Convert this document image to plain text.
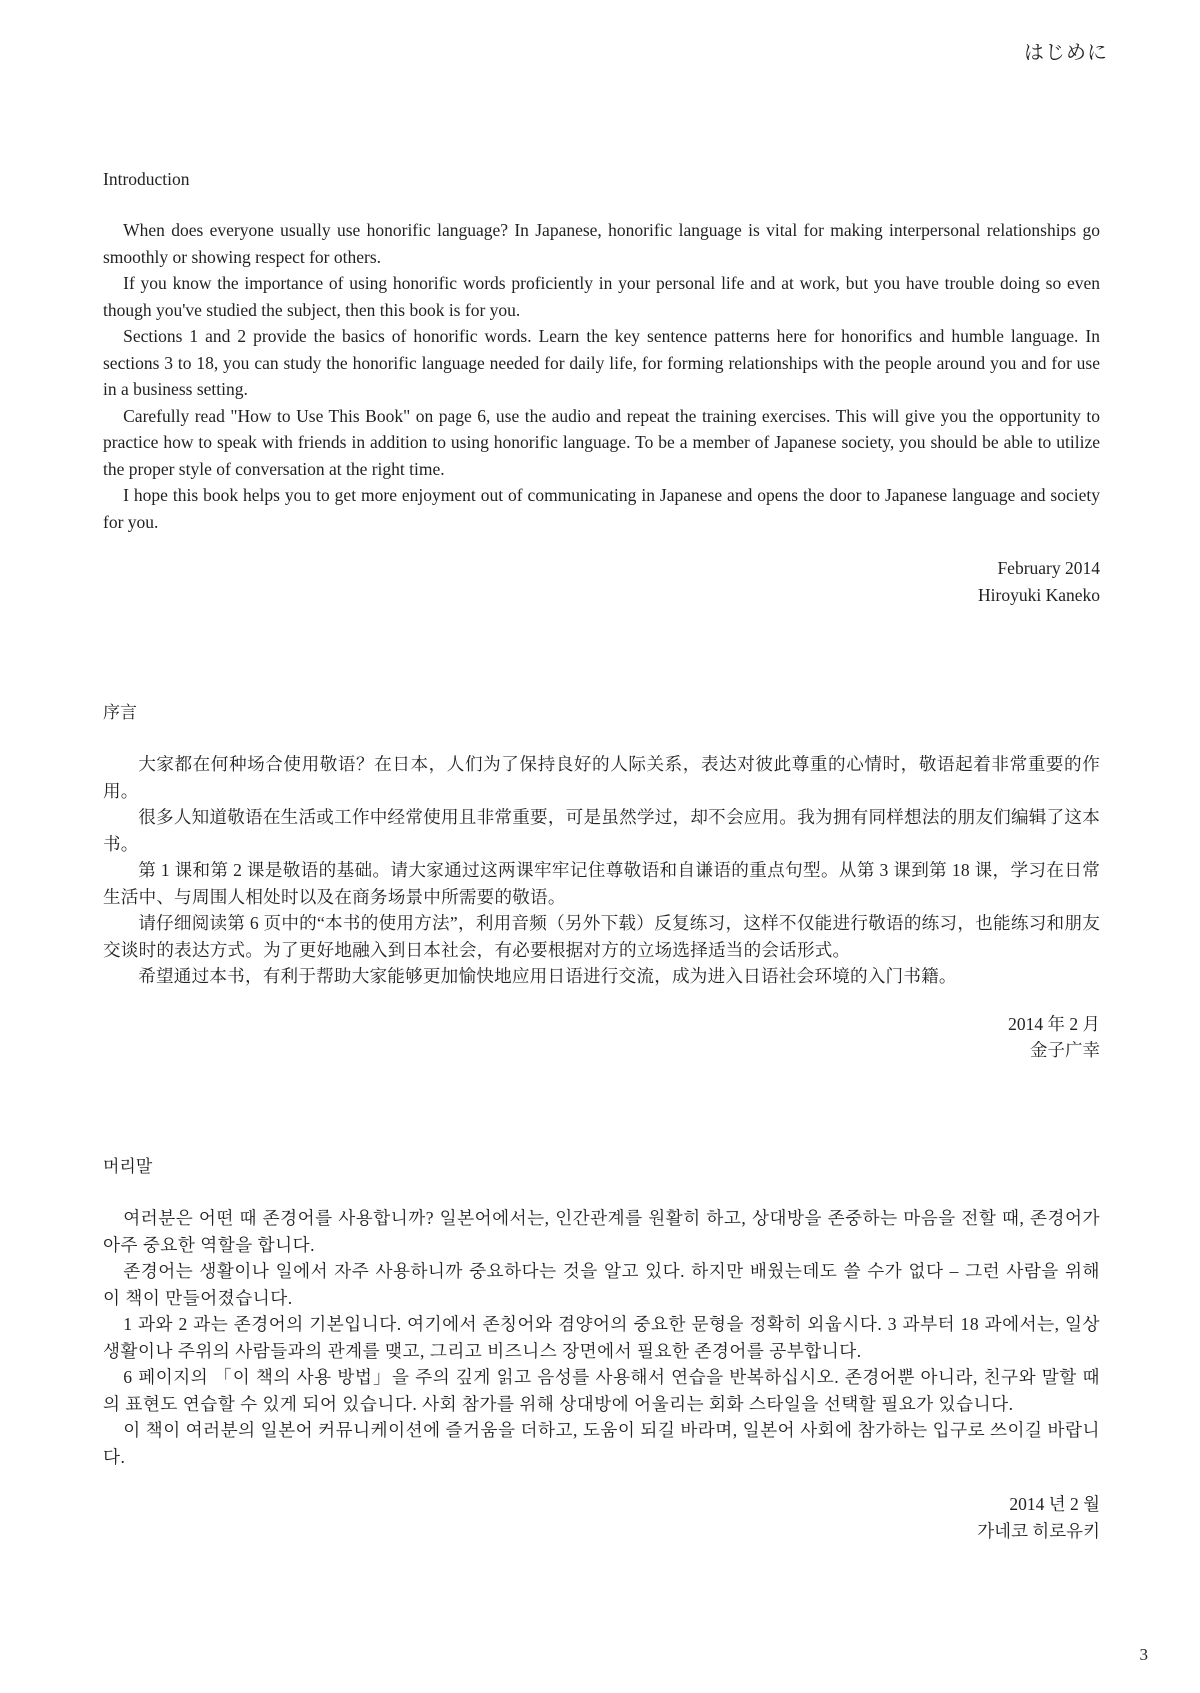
はじめに
Introduction

When does everyone usually use honorific language? In Japanese, honorific language is vital for making interpersonal relationships go smoothly or showing respect for others.

If you know the importance of using honorific words proficiently in your personal life and at work, but you have trouble doing so even though you've studied the subject, then this book is for you.

Sections 1 and 2 provide the basics of honorific words. Learn the key sentence patterns here for honorifics and humble language. In sections 3 to 18, you can study the honorific language needed for daily life, for forming relationships with the people around you and for use in a business setting.

Carefully read "How to Use This Book" on page 6, use the audio and repeat the training exercises. This will give you the opportunity to practice how to speak with friends in addition to using honorific language. To be a member of Japanese society, you should be able to utilize the proper style of conversation at the right time.

I hope this book helps you to get more enjoyment out of communicating in Japanese and opens the door to Japanese language and society for you.

February 2014
Hiroyuki Kaneko
序言

大家都在何种场合使用敬语？在日本，人们为了保持良好的人际关系，表达对彼此尊重的心情时，敬语起着非常重要的作用。

很多人知道敬语在生活或工作中经常使用且非常重要，可是虽然学过，却不会应用。我为拥有同样想法的朋友们编辑了这本书。

第 1 课和第 2 课是敬语的基础。请大家通过这两课牢牢记住尊敬语和自谦语的重点句型。从第 3 课到第 18 课，学习在日常生活中、与周围人相处时以及在商务场景中所需要的敬语。

请仔细阅读第 6 页中的“本书的使用方法”，利用音频（另外下载）反复练习，这样不仅能进行敬语的练习，也能练习和朋友交谈时的表达方式。为了更好地融入到日本社会，有必要根据对方的立场选择适当的会话形式。

希望通过本书，有利于帮助大家能够更加愉快地应用日语进行交流，成为进入日语社会环境的入门书籍。

2014 年 2 月
金子广幸
머리말

여러분은 어떤 때 존경어를 사용합니까? 일본어에서는, 인간관계를 원활히 하고, 상대방을 존중하는 마음을 전할 때, 존경어가 아주 중요한 역할을 합니다.

존경어는 생활이나 일에서 자주 사용하니까 중요하다는 것을 알고 있다. 하지만 배웠는데도 쓸 수가 없다 – 그런 사람을 위해 이 책이 만들어졌습니다.

1 과와 2 과는 존경어의 기본입니다. 여기에서 존칭어와 겸양어의 중요한 문형을 정확히 외웁시다. 3 과부터 18 과에서는, 일상생활이나 주위의 사람들과의 관계를 맺고, 그리고 비즈니스 장면에서 필요한 존경어를 공부합니다.

6 페이지의 「이 책의 사용 방법」을 주의 깊게 읽고 음성를 사용해서 연습을 반복하십시오. 존경어뿐 아니라, 친구와 말할 때의 표현도 연습할 수 있게 되어 있습니다. 사회 참가를 위해 상대방에 어울리는 회화 스타일을 선택할 필요가 있습니다.

이 책이 여러분의 일본어 커뮤니케이션에 즐거움을 더하고, 도움이 되길 바라며, 일본어 사회에 참가하는 입구로 쓰이길 바랍니다.

2014 년 2 월
가네코 히로유키
3
